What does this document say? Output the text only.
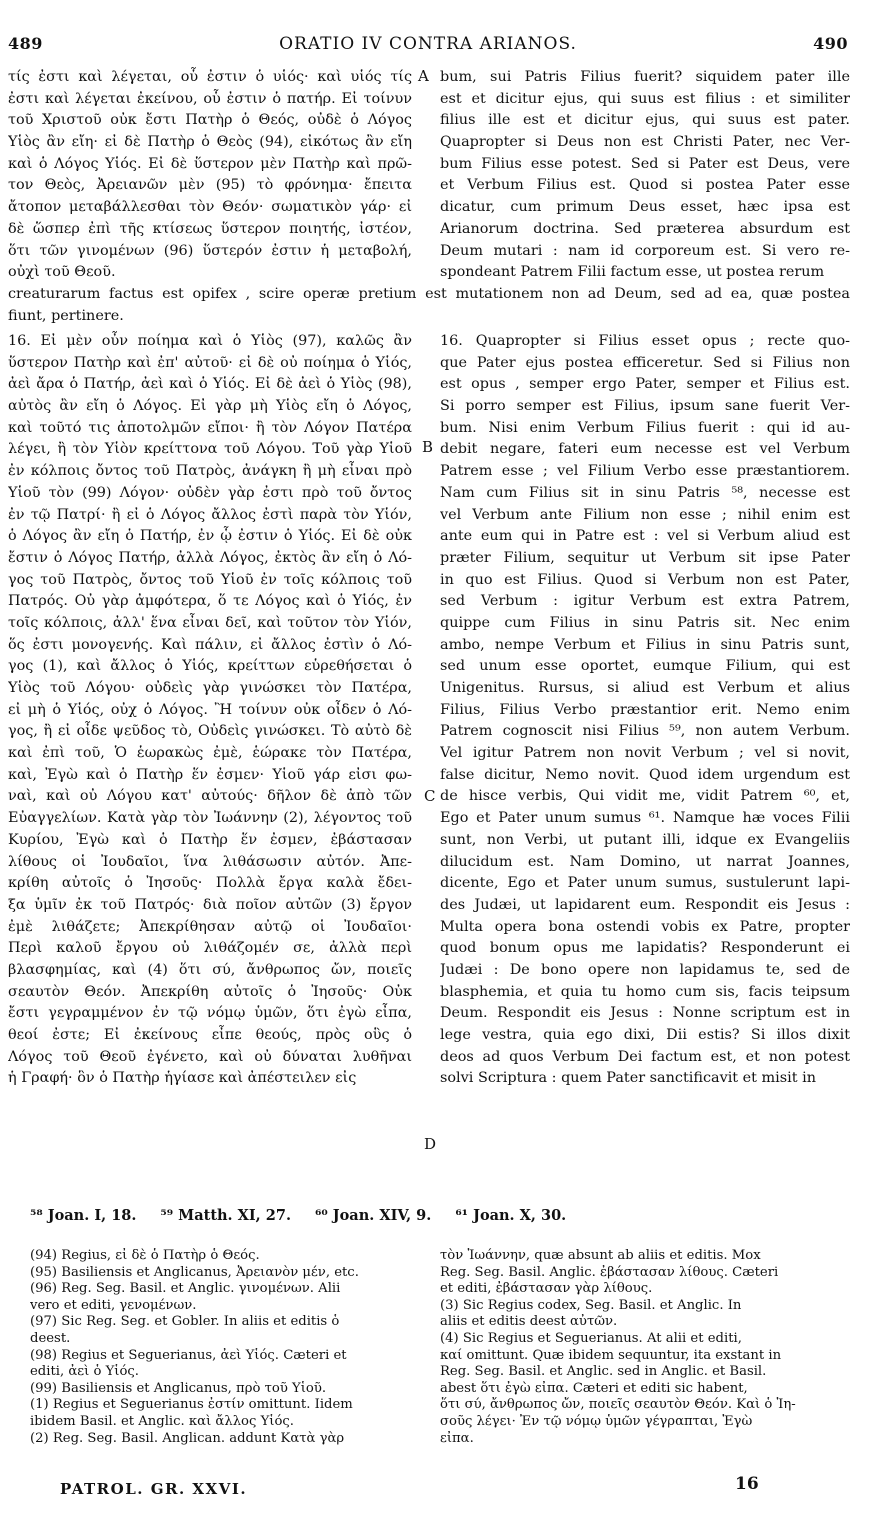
489	ORATIO IV CONTRA ARIANOS.	490
τίς ἐστι καὶ λέγεται, οὗ ἐστιν ὁ υἱός· καὶ υἱός τίς
ἐστι καὶ λέγεται ἐκείνου, οὗ ἐστιν ὁ πατήρ. Εἰ τοίνυν
τοῦ Χριστοῦ οὐκ ἔστι Πατὴρ ὁ Θεός, οὐδὲ ὁ Λόγος
Υἱὸς ἂν εἴη· εἰ δὲ Πατὴρ ὁ Θεὸς (94), εἰκότως ἂν εἴη
καὶ ὁ Λόγος Υἱός. Εἰ δὲ ὕστερον μὲν Πατὴρ καὶ πρῶ-
τον Θεὸς, Ἀρειανῶν μὲν (95) τὸ φρόνημα· ἔπειτα
ἄτοπον μεταβάλλεσθαι τὸν Θεόν· σωματικὸν γάρ· εἰ
δὲ ὥσπερ ἐπὶ τῆς κτίσεως ὕστερον ποιητής, ἰστέον,
ὅτι τῶν γινομένων (96) ὕστερόν ἐστιν ἡ μεταβολή,
οὐχὶ τοῦ Θεοῦ.
bum, sui Patris Filius fuerit? siquidem pater ille
est et dicitur ejus, qui suus est filius : et similiter
filius ille est et dicitur ejus, qui suus est pater.
Quapropter si Deus non est Christi Pater, nec Ver-
bum Filius esse potest. Sed si Pater est Deus, vere
et Verbum Filius est. Quod si postea Pater esse
dicatur, cum primum Deus esset, hæc ipsa est
Arianorum doctrina. Sed præterea absurdum est
Deum mutari : nam id corporeum est. Si vero re-
spondeant Patrem Filii factum esse, ut postea rerum
creaturarum factus est opifex , scire operæ pretium est mutationem non ad Deum, sed ad ea, quæ postea
fiunt, pertinere.
16. Εἰ μὲν οὖν ποίημα καὶ ὁ Υἱὸς (97), καλῶς ἂν
ὕστερον Πατὴρ καὶ ἐπ' αὐτοῦ· εἰ δὲ οὐ ποίημα ὁ Υἱός,
ἀεὶ ἄρα ὁ Πατήρ, ἀεὶ καὶ ὁ Υἱός. Εἰ δὲ ἀεὶ ὁ Υἱὸς (98),
αὐτὸς ἂν εἴη ὁ Λόγος. Εἰ γὰρ μὴ Υἱὸς εἴη ὁ Λόγος,
καὶ τοῦτό τις ἀποτολμῶν εἴποι· ἢ τὸν Λόγον Πατέρα
λέγει, ἢ τὸν Υἱὸν κρείττονα τοῦ Λόγου. Τοῦ γὰρ Υἱοῦ
ἐν κόλποις ὄντος τοῦ Πατρὸς, ἀνάγκη ἢ μὴ εἶναι πρὸ
Υἱοῦ τὸν (99) Λόγον· οὐδὲν γὰρ ἐστι πρὸ τοῦ ὄντος
ἐν τῷ Πατρί· ἢ εἰ ὁ Λόγος ἄλλος ἐστὶ παρὰ τὸν Υἱόν,
ὁ Λόγος ἂν εἴη ὁ Πατήρ, ἐν ᾧ ἐστιν ὁ Υἱός. Εἰ δὲ οὐκ
ἔστιν ὁ Λόγος Πατήρ, ἀλλὰ Λόγος, ἐκτὸς ἂν εἴη ὁ Λό-
γος τοῦ Πατρὸς, ὄντος τοῦ Υἱοῦ ἐν τοῖς κόλποις τοῦ
Πατρός. Οὐ γὰρ ἀμφότερα, ὅ τε Λόγος καὶ ὁ Υἱός, ἐν
τοῖς κόλποις, ἀλλ' ἕνα εἶναι δεῖ, καὶ τοῦτον τὸν Υἱόν,
ὅς ἐστι μονογενής. Καὶ πάλιν, εἰ ἄλλος ἐστὶν ὁ Λό-
γος (1), καὶ ἄλλος ὁ Υἱός, κρείττων εὑρεθήσεται ὁ
Υἱὸς τοῦ Λόγου· οὐδεὶς γὰρ γινώσκει τὸν Πατέρα,
εἰ μὴ ὁ Υἱός, οὐχ ὁ Λόγος. Ἢ τοίνυν οὐκ οἶδεν ὁ Λό-
γος, ἢ εἰ οἶδε ψεῦδος τὸ, Οὐδεὶς γινώσκει. Τὸ αὐτὸ δὲ
καὶ ἐπὶ τοῦ, Ὁ ἑωρακὼς ἐμὲ, ἑώρακε τὸν Πατέρα,
καὶ, Ἐγὼ καὶ ὁ Πατὴρ ἕν ἐσμεν· Υἱοῦ γάρ εἰσι φω-
ναὶ, καὶ οὐ Λόγου κατ' αὐτούς· δῆλον δὲ ἀπὸ τῶν
Εὐαγγελίων. Κατὰ γὰρ τὸν Ἰωάννην (2), λέγοντος τοῦ
Κυρίου, Ἐγὼ καὶ ὁ Πατὴρ ἕν ἐσμεν, ἐβάστασαν
λίθους οἱ Ἰουδαῖοι, ἵνα λιθάσωσιν αὐτόν. Ἀπε-
κρίθη αὐτοῖς ὁ Ἰησοῦς· Πολλὰ ἔργα καλὰ ἔδει-
ξα ὑμῖν ἐκ τοῦ Πατρός· διὰ ποῖον αὐτῶν (3) ἔργον
ἐμὲ λιθάζετε; Ἀπεκρίθησαν αὐτῷ οἱ Ἰουδαῖοι·
Περὶ καλοῦ ἔργου οὐ λιθάζομέν σε, ἀλλὰ περὶ
βλασφημίας, καὶ (4) ὅτι σύ, ἄνθρωπος ὤν, ποιεῖς
σεαυτὸν Θεόν. Ἀπεκρίθη αὐτοῖς ὁ Ἰησοῦς· Οὐκ
ἔστι γεγραμμένον ἐν τῷ νόμῳ ὑμῶν, ὅτι ἐγὼ εἶπα,
θεοί ἐστε; Εἰ ἐκείνους εἶπε θεούς, πρὸς οὓς ὁ
Λόγος τοῦ Θεοῦ ἐγένετο, καὶ οὐ δύναται λυθῆναι
ἡ Γραφή· ὃν ὁ Πατὴρ ἡγίασε καὶ ἀπέστειλεν εἰς
16. Quapropter si Filius esset opus ; recte quo-
que Pater ejus postea efficeretur. Sed si Filius non
est opus , semper ergo Pater, semper et Filius est.
Si porro semper est Filius, ipsum sane fuerit Ver-
bum. Nisi enim Verbum Filius fuerit : qui id au-
debit negare, fateri eum necesse est vel Verbum
Patrem esse ; vel Filium Verbo esse præstantiorem.
Nam cum Filius sit in sinu Patris ⁵⁸, necesse est
vel Verbum ante Filium non esse ; nihil enim est
ante eum qui in Patre est : vel si Verbum aliud est
præter Filium, sequitur ut Verbum sit ipse Pater
in quo est Filius. Quod si Verbum non est Pater,
sed Verbum : igitur Verbum est extra Patrem,
quippe cum Filius in sinu Patris sit. Nec enim
ambo, nempe Verbum et Filius in sinu Patris sunt,
sed unum esse oportet, eumque Filium, qui est
Unigenitus. Rursus, si aliud est Verbum et alius
Filius, Filius Verbo præstantior erit. Nemo enim
Patrem cognoscit nisi Filius ⁵⁹, non autem Verbum.
Vel igitur Patrem non novit Verbum ; vel si novit,
false dicitur, Nemo novit. Quod idem urgendum est
de hisce verbis, Qui vidit me, vidit Patrem ⁶⁰, et,
Ego et Pater unum sumus ⁶¹. Namque hæ voces Filii
sunt, non Verbi, ut putant illi, idque ex Evangeliis
dilucidum est. Nam Domino, ut narrat Joannes,
dicente, Ego et Pater unum sumus, sustulerunt lapi-
des Judæi, ut lapidarent eum. Respondit eis Jesus :
Multa opera bona ostendi vobis ex Patre, propter
quod bonum opus me lapidatis? Responderunt ei
Judæi : De bono opere non lapidamus te, sed de
blasphemia, et quia tu homo cum sis, facis teipsum
Deum. Respondit eis Jesus : Nonne scriptum est in
lege vestra, quia ego dixi, Dii estis? Si illos dixit
deos ad quos Verbum Dei factum est, et non potest
solvi Scriptura : quem Pater sanctificavit et misit in
A
B
C
D
⁵⁸ Joan. I, 18. ⁵⁹ Matth. XI, 27. ⁶⁰ Joan. XIV, 9. ⁶¹ Joan. X, 30.
(94) Regius, εἰ δὲ ὁ Πατὴρ ὁ Θεός.
(95) Basiliensis et Anglicanus, Ἀρειανὸν μέν, etc.
(96) Reg. Seg. Basil. et Anglic. γινομένων. Alii
vero et editi, γενομένων.
(97) Sic Reg. Seg. et Gobler. In aliis et editis ὁ
deest.
(98) Regius et Seguerianus, ἀεὶ Υἱός. Cæteri et
editi, ἀεὶ ὁ Υἱός.
(99) Basiliensis et Anglicanus, πρὸ τοῦ Υἱοῦ.
(1) Regius et Seguerianus ἐστίν omittunt. Iidem
ibidem Basil. et Anglic. καὶ ἄλλος Υἱός.
(2) Reg. Seg. Basil. Anglican. addunt Κατὰ γὰρ
τὸν Ἰωάννην, quæ absunt ab aliis et editis. Mox
Reg. Seg. Basil. Anglic. ἐβάστασαν λίθους. Cæteri
et editi, ἐβάστασαν γὰρ λίθους.
(3) Sic Regius codex, Seg. Basil. et Anglic. In
aliis et editis deest αὐτῶν.
(4) Sic Regius et Seguerianus. At alii et editi,
καί omittunt. Quæ ibidem sequuntur, ita exstant in
Reg. Seg. Basil. et Anglic. sed in Anglic. et Basil.
abest ὅτι ἐγὼ εἶπα. Cæteri et editi sic habent,
ὅτι σύ, ἄνθρωπος ὤν, ποιεῖς σεαυτὸν Θεόν. Καὶ ὁ Ἰη-
σοῦς λέγει· Ἐν τῷ νόμῳ ὑμῶν γέγραπται, Ἐγὼ
εἶπα.
PATROL. GR. XXVI.	16
